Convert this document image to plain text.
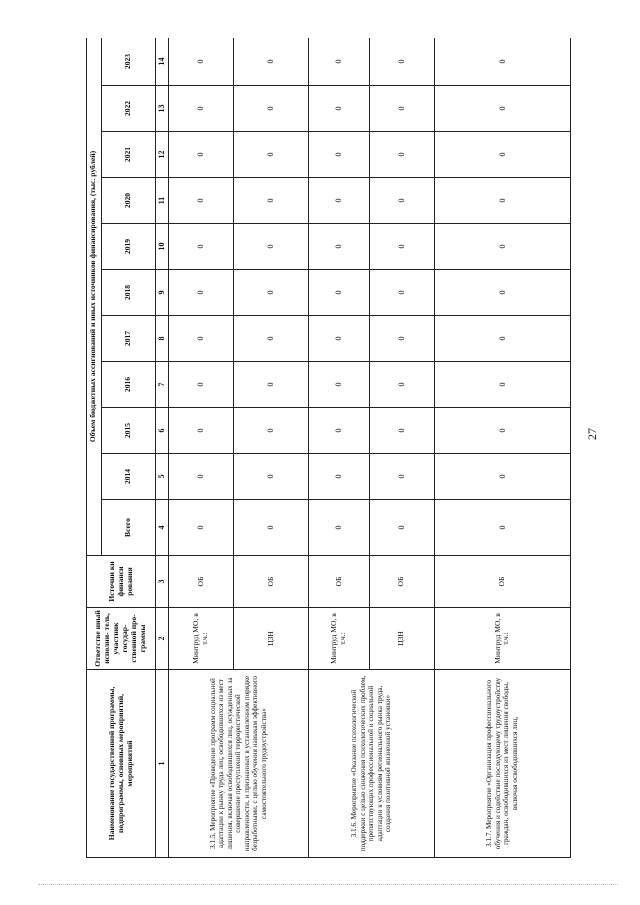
27
Наименование государственной программы, подпрограммы, основных мероприятий, мероприятий	Ответстве нный исполни- тель, участник государ- ственной про- граммы	Источни ки финанси рования	Объем бюджетных ассигнований и иных источников финансирования, (тыс. рублей)										
			Всего	2014	2015	2016	2017	2018	2019	2020	2021	2022	2023
1	2	3	4	5	6	7	8	9	10	11	12	13	14
3.1.5. Мероприятие «Проведение программ социальной адаптации к рынку труда лиц, освободившихся из мест лишения, включая освободившихся лиц, осужденных за совершение преступлений террористической направленности, и признанных в установленном порядке безработными, с целью обучения навыкам эффективного самостоятельного трудоустройства»	Минтруд МО, в т.ч.:	ОБ	0	0	0	0	0	0	0	0	0	0	0
	ЦЗН	ОБ	0	0	0	0	0	0	0	0	0	0	0
3.1.6. Мероприятие «Оказание психологической поддержки с целью снижения психологических проблем, препятствующих профессиональной и социальной адаптации к условиям регионального рынка труда, создания позитивной жизненной установки»	Минтруд МО, в т.ч.:	ОБ	0	0	0	0	0	0	0	0	0	0	0
	ЦЗН	ОБ	0	0	0	0	0	0	0	0	0	0	0
3.1.7. Мероприятие «Организация профессионального обучения и содействие последующему трудоустройству граждан, освободившихся из мест лишения свободы, включая освободившихся лиц,	Минтруд МО, в т.ч.:	ОБ	0	0	0	0	0	0	0	0	0	0	0
